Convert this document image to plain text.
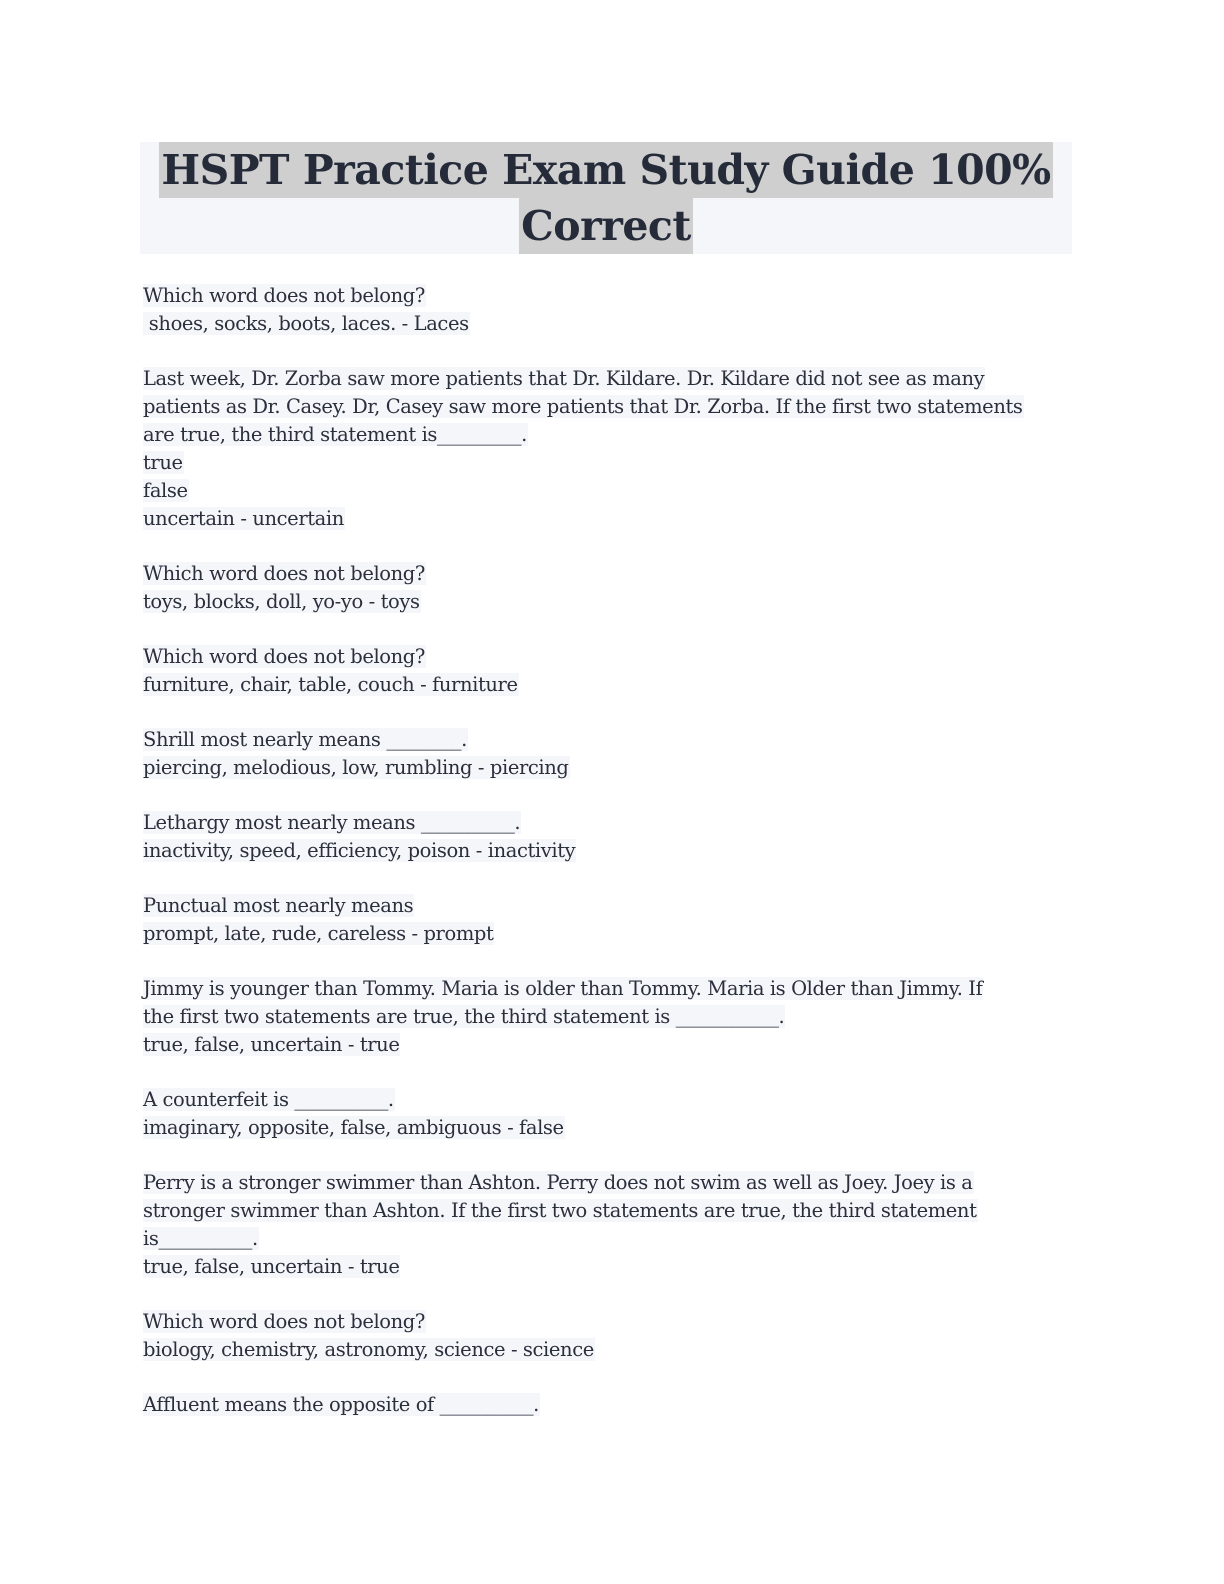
HSPT Practice Exam Study Guide 100%
Correct
Which word does not belong?
shoes, socks, boots, laces. - Laces
Last week, Dr. Zorba saw more patients that Dr. Kildare. Dr. Kildare did not see as many
patients as Dr. Casey. Dr, Casey saw more patients that Dr. Zorba. If the first two statements
are true, the third statement is_________.
true
false
uncertain - uncertain
Which word does not belong?
toys, blocks, doll, yo-yo - toys
Which word does not belong?
furniture, chair, table, couch - furniture
Shrill most nearly means ________.
piercing, melodious, low, rumbling - piercing
Lethargy most nearly means __________.
inactivity, speed, efficiency, poison - inactivity
Punctual most nearly means
prompt, late, rude, careless - prompt
Jimmy is younger than Tommy. Maria is older than Tommy. Maria is Older than Jimmy. If
the first two statements are true, the third statement is ___________.
true, false, uncertain - true
A counterfeit is __________.
imaginary, opposite, false, ambiguous - false
Perry is a stronger swimmer than Ashton. Perry does not swim as well as Joey. Joey is a
stronger swimmer than Ashton. If the first two statements are true, the third statement
is__________.
true, false, uncertain - true
Which word does not belong?
biology, chemistry, astronomy, science - science
Affluent means the opposite of __________.
